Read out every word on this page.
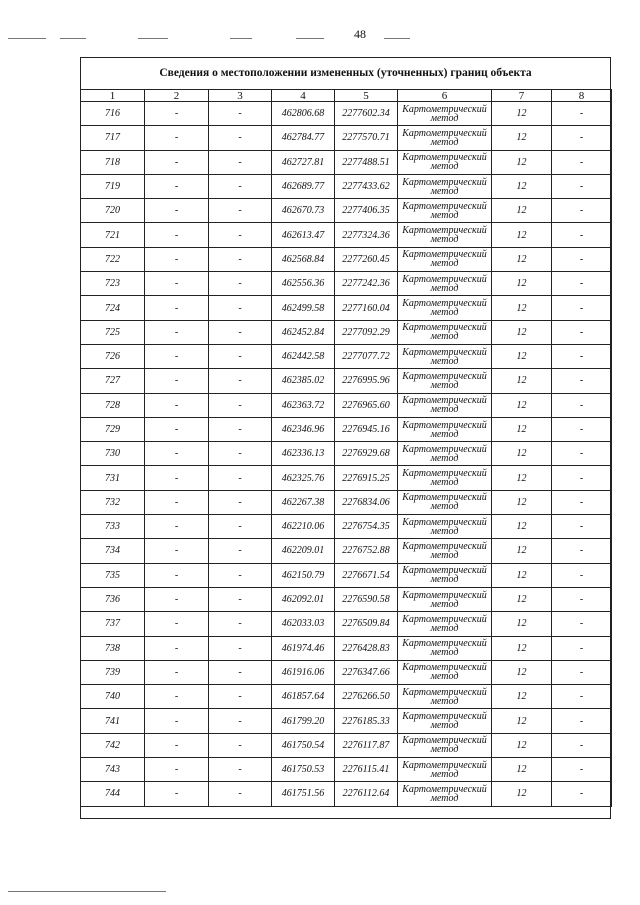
48
Сведения о местоположении измененных (уточненных) границ объекта
1	2	3	4	5	6	7	8
716	-	-	462806.68	2277602.34	Картометрический
метод	12	-
717	-	-	462784.77	2277570.71	Картометрический
метод	12	-
718	-	-	462727.81	2277488.51	Картометрический
метод	12	-
719	-	-	462689.77	2277433.62	Картометрический
метод	12	-
720	-	-	462670.73	2277406.35	Картометрический
метод	12	-
721	-	-	462613.47	2277324.36	Картометрический
метод	12	-
722	-	-	462568.84	2277260.45	Картометрический
метод	12	-
723	-	-	462556.36	2277242.36	Картометрический
метод	12	-
724	-	-	462499.58	2277160.04	Картометрический
метод	12	-
725	-	-	462452.84	2277092.29	Картометрический
метод	12	-
726	-	-	462442.58	2277077.72	Картометрический
метод	12	-
727	-	-	462385.02	2276995.96	Картометрический
метод	12	-
728	-	-	462363.72	2276965.60	Картометрический
метод	12	-
729	-	-	462346.96	2276945.16	Картометрический
метод	12	-
730	-	-	462336.13	2276929.68	Картометрический
метод	12	-
731	-	-	462325.76	2276915.25	Картометрический
метод	12	-
732	-	-	462267.38	2276834.06	Картометрический
метод	12	-
733	-	-	462210.06	2276754.35	Картометрический
метод	12	-
734	-	-	462209.01	2276752.88	Картометрический
метод	12	-
735	-	-	462150.79	2276671.54	Картометрический
метод	12	-
736	-	-	462092.01	2276590.58	Картометрический
метод	12	-
737	-	-	462033.03	2276509.84	Картометрический
метод	12	-
738	-	-	461974.46	2276428.83	Картометрический
метод	12	-
739	-	-	461916.06	2276347.66	Картометрический
метод	12	-
740	-	-	461857.64	2276266.50	Картометрический
метод	12	-
741	-	-	461799.20	2276185.33	Картометрический
метод	12	-
742	-	-	461750.54	2276117.87	Картометрический
метод	12	-
743	-	-	461750.53	2276115.41	Картометрический
метод	12	-
744	-	-	461751.56	2276112.64	Картометрический
метод	12	-
